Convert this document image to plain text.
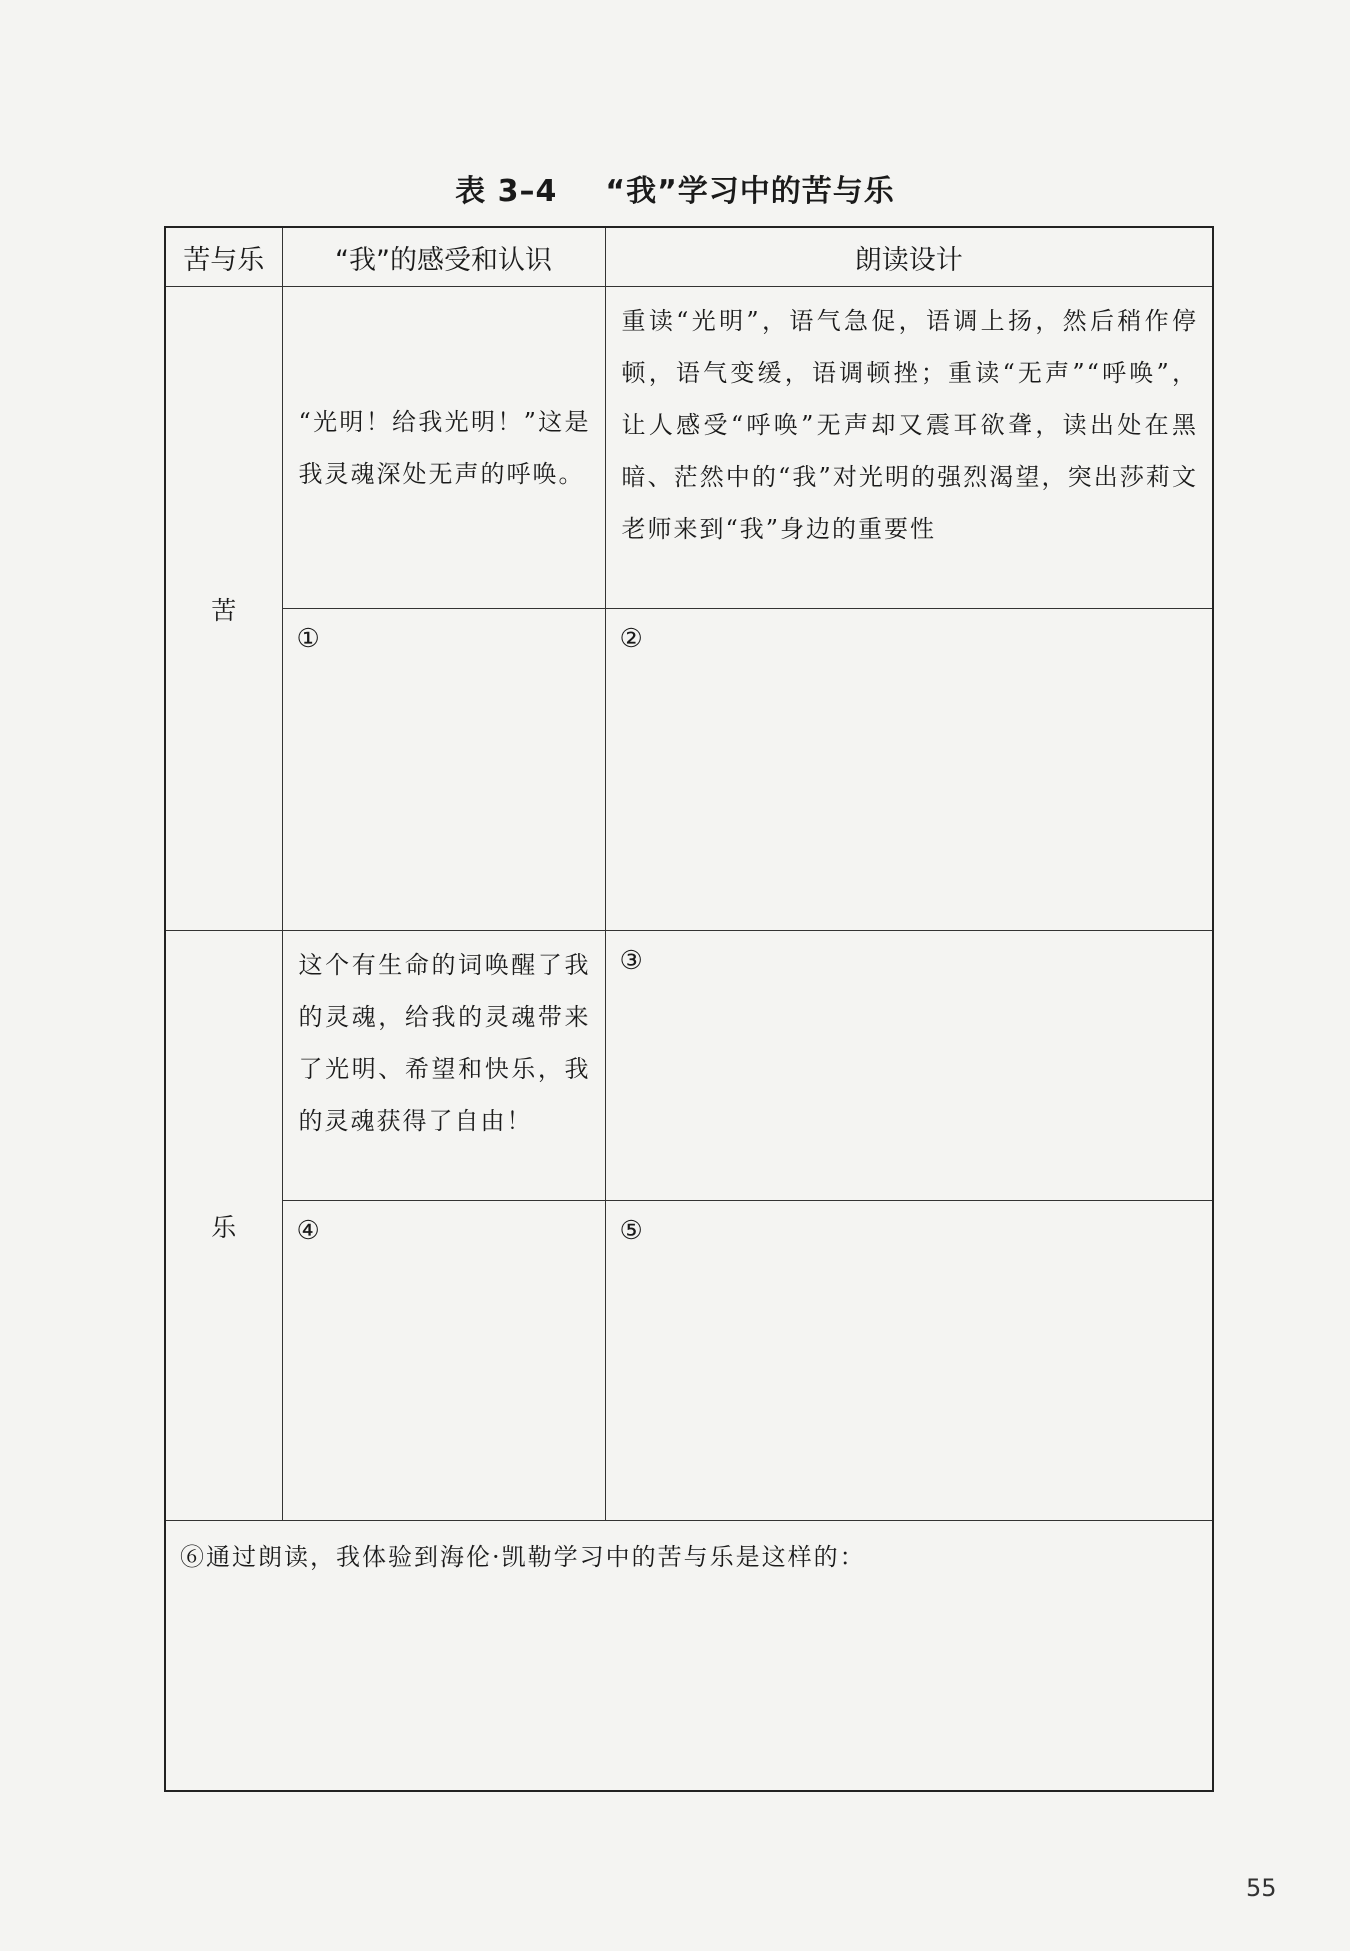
表 3–4 “我”学习中的苦与乐
苦与乐	“我”的感受和认识	朗读设计
苦	“光明！给我光明！”这是我灵魂深处无声的呼唤。	重读“光明”，语气急促，语调上扬，然后稍作停顿，语气变缓，语调顿挫；重读“无声”“呼唤”，让人感受“呼唤”无声却又震耳欲聋，读出处在黑暗、茫然中的“我”对光明的强烈渴望，突出莎莉文老师来到“我”身边的重要性

	①	②

乐	这个有生命的词唤醒了我的灵魂，给我的灵魂带来了光明、希望和快乐，我的灵魂获得了自由！	③

	④	⑤

⑥通过朗读，我体验到海伦·凯勒学习中的苦与乐是这样的：		
55
